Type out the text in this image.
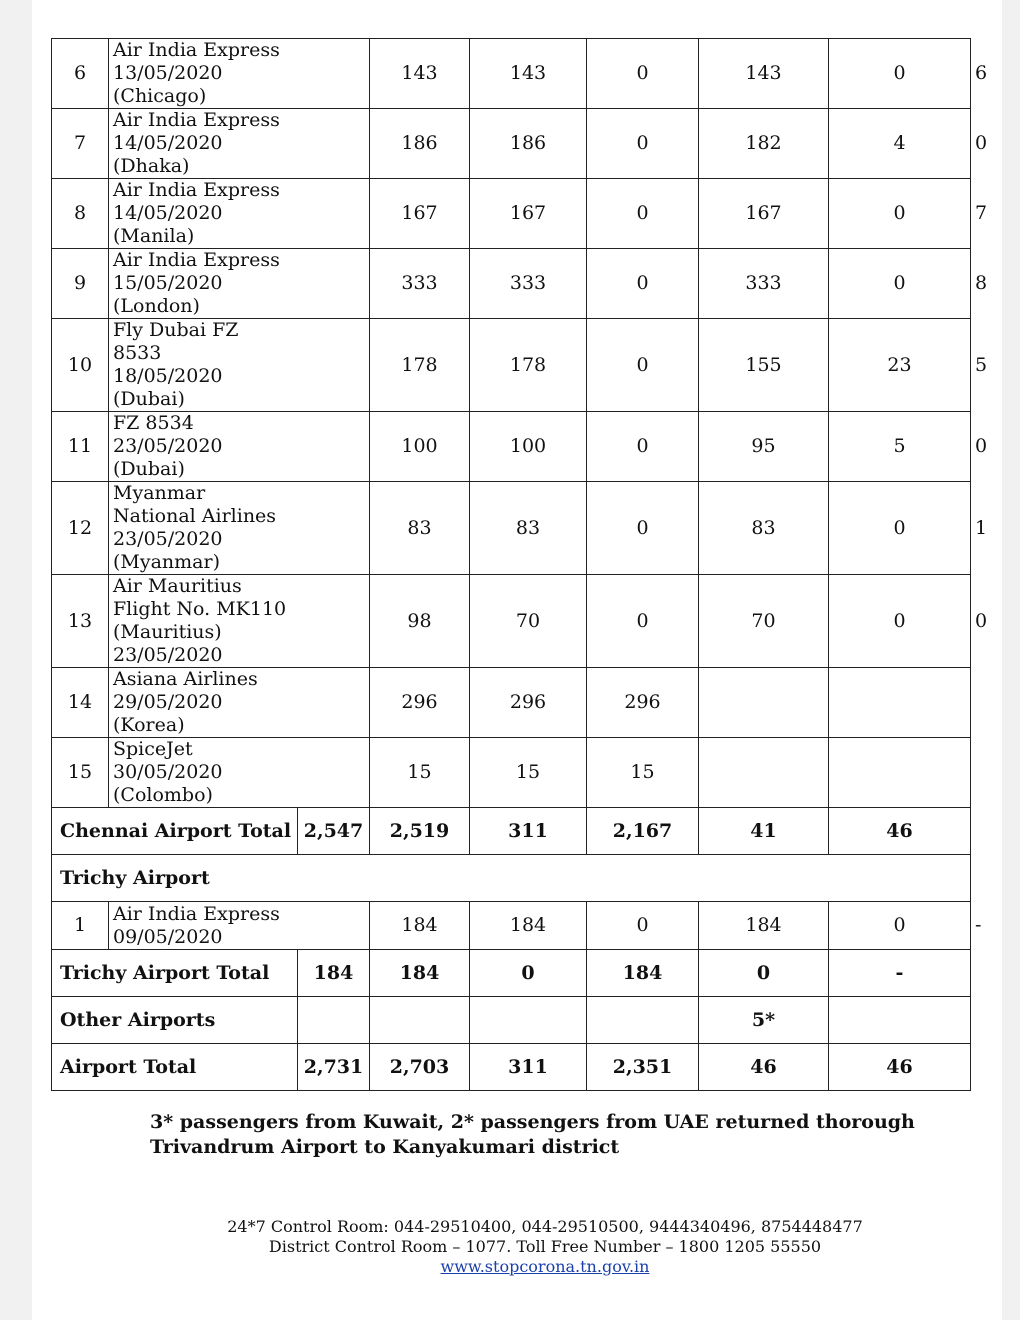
6	Air India Express
13/05/2020
(Chicago)		143	143	0	143	0	6
7	Air India Express
14/05/2020
(Dhaka)		186	186	0	182	4	0
8	Air India Express
14/05/2020
(Manila)		167	167	0	167	0	7
9	Air India Express
15/05/2020
(London)		333	333	0	333	0	8
10	Fly Dubai FZ
8533
18/05/2020
(Dubai)		178	178	0	155	23	5
11	FZ 8534
23/05/2020
(Dubai)		100	100	0	95	5	0
12	Myanmar
National Airlines
23/05/2020
(Myanmar)		83	83	0	83	0	1
13	Air Mauritius
Flight No. MK110
(Mauritius)
23/05/2020		98	70	0	70	0	0
14	Asiana Airlines
29/05/2020
(Korea)		296	296	296			
15	SpiceJet
30/05/2020
(Colombo)		15	15	15			
Chennai Airport Total		2,547	2,519	311	2,167	41	46	
Trichy Airport								
1	Air India Express
09/05/2020		184	184	0	184	0	-
Trichy Airport Total		184	184	0	184	0	-	
Other Airports						5*		
Airport Total		2,731	2,703	311	2,351	46	46	
3* passengers from Kuwait, 2* passengers from UAE returned thorough
Trivandrum Airport to Kanyakumari district
24*7 Control Room: 044-29510400, 044-29510500, 9444340496, 8754448477
District Control Room – 1077. Toll Free Number – 1800 1205 55550
www.stopcorona.tn.gov.in
